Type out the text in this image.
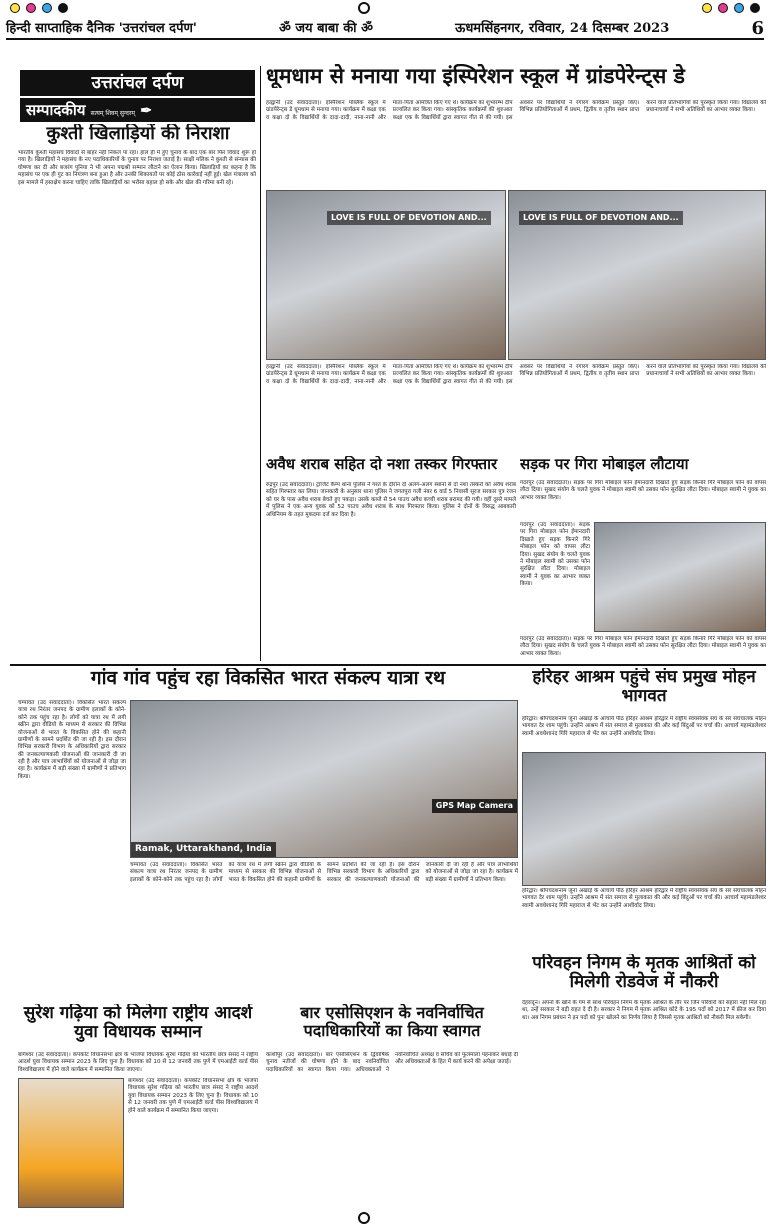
हिन्दी साप्ताहिक दैनिक 'उत्तरांचल दर्पण'	ॐ जय बाबा की ॐ	ऊधमसिंहनगर, रविवार, 24 दिसम्बर 2023	6
उत्तरांचल दर्पण
सम्पादकीय सत्यम् शिवम् सुन्दरम् ✒
कुश्ती खिलाड़ियों की निराशा
भारतीय कुश्ती महासंघ विवादों से बाहर नहीं निकल पा रहा। हाल ही में हुए चुनाव के बाद एक बार फिर विवाद शुरू हो गया है। खिलाड़ियों ने महासंघ के नए पदाधिकारियों के चुनाव पर निराशा जताई है। साक्षी मलिक ने कुश्ती से संन्यास की घोषणा कर दी और बजरंग पुनिया ने भी अपना पद्मश्री सम्मान लौटाने का ऐलान किया। खिलाड़ियों का कहना है कि महासंघ पर एक ही गुट का नियंत्रण बना हुआ है और उनकी शिकायतों पर कोई ठोस कार्रवाई नहीं हुई। खेल मंत्रालय को इस मामले में हस्तक्षेप करना चाहिए ताकि खिलाड़ियों का भरोसा बहाल हो सके और खेल की गरिमा बनी रहे।
धूमधाम से मनाया गया इंस्पिरेशन स्कूल में ग्रांडपेरेन्ट्स डे
हल्द्वानी (उद संवाददाता)। इंस्पिरेशन पब्लिक स्कूल में ग्रांडपेरेन्ट्स डे धूमधाम से मनाया गया। कार्यक्रम में कक्षा एक व कक्षा दो के विद्यार्थियों के दादा-दादी, नाना-नानी और माता-पिता आमंत्रित किए गए थे। कार्यक्रम का शुभारम्भ दीप प्रज्वलित कर किया गया। सांस्कृतिक कार्यक्रमों की शुरुआत कक्षा एक के विद्यार्थियों द्वारा स्वागत गीत से की गयी। इस अवसर पर विद्यार्थियों ने रंगारंग कार्यक्रम प्रस्तुत किए। विभिन्न प्रतियोगिताओं में प्रथम, द्वितीय व तृतीय स्थान प्राप्त करने वाले प्रतिभागियों को पुरस्कृत किया गया। विद्यालय की प्रधानाचार्या ने सभी अतिथियों का आभार व्यक्त किया।
LOVE IS FULL OF DEVOTION AND...	LOVE IS FULL OF DEVOTION AND...
हल्द्वानी (उद संवाददाता)। इंस्पिरेशन पब्लिक स्कूल में ग्रांडपेरेन्ट्स डे धूमधाम से मनाया गया। कार्यक्रम में कक्षा एक व कक्षा दो के विद्यार्थियों के दादा-दादी, नाना-नानी और माता-पिता आमंत्रित किए गए थे। कार्यक्रम का शुभारम्भ दीप प्रज्वलित कर किया गया। सांस्कृतिक कार्यक्रमों की शुरुआत कक्षा एक के विद्यार्थियों द्वारा स्वागत गीत से की गयी। इस अवसर पर विद्यार्थियों ने रंगारंग कार्यक्रम प्रस्तुत किए। विभिन्न प्रतियोगिताओं में प्रथम, द्वितीय व तृतीय स्थान प्राप्त करने वाले प्रतिभागियों को पुरस्कृत किया गया। विद्यालय की प्रधानाचार्या ने सभी अतिथियों का आभार व्यक्त किया।
अवैध शराब सहित दो नशा तस्कर गिरफ्तार
रुद्रपुर (उद संवाददाता)। ट्रांजिट कैम्प थाना पुलिस ने गश्त के दौरान दो अलग-अलग स्थानों से दो नशा तस्करों को अवैध शराब सहित गिरफ्तार कर लिया। जानकारी के अनुसार थाना पुलिस ने जगतपुरा गली नंबर 6 वार्ड 5 निवासी सूरज सरकार पुत्र रंजन को घर के पास अवैध शराब बेचते हुए पकड़ा। उसके कब्जे से 54 पाउच अवैध कच्ची शराब बरामद की गयी। वहीं दूसरे मामले में पुलिस ने एक अन्य युवक को 52 पाउच अवैध शराब के साथ गिरफ्तार किया। पुलिस ने दोनों के विरुद्ध आबकारी अधिनियम के तहत मुकदमा दर्ज कर दिया है।
सड़क पर गिरा मोबाइल लौटाया
गदरपुर (उद संवाददाता)। सड़क पर गिरा मोबाइल फोन ईमानदारी दिखाते हुए सड़क किनारे गिरे मोबाइल फोन को वापस लौटा दिया। सुखद संयोग के चलते युवक ने मोबाइल स्वामी को उसका फोन सुरक्षित लौटा दिया। मोबाइल स्वामी ने युवक का आभार व्यक्त किया।
गदरपुर (उद संवाददाता)। सड़क पर गिरा मोबाइल फोन ईमानदारी दिखाते हुए सड़क किनारे गिरे मोबाइल फोन को वापस लौटा दिया। सुखद संयोग के चलते युवक ने मोबाइल स्वामी को उसका फोन सुरक्षित लौटा दिया। मोबाइल स्वामी ने युवक का आभार व्यक्त किया।
गदरपुर (उद संवाददाता)। सड़क पर गिरा मोबाइल फोन ईमानदारी दिखाते हुए सड़क किनारे गिरे मोबाइल फोन को वापस लौटा दिया। सुखद संयोग के चलते युवक ने मोबाइल स्वामी को उसका फोन सुरक्षित लौटा दिया। मोबाइल स्वामी ने युवक का आभार व्यक्त किया।
गांव गांव पहुंच रहा विकसित भारत संकल्प यात्रा रथ
चम्पावत (उद संवाददाता)। विकसित भारत संकल्प यात्रा रथ निरंतर जनपद के ग्रामीण इलाकों के कोने-कोने तक पहुंच रहा है। लोगों को यात्रा रथ में लगी स्क्रीन द्वारा वीडियो के माध्यम से सरकार की विभिन्न योजनाओं से भारत के विकसित होने की कहानी ग्रामीणों के सामने प्रदर्शित की जा रही है। इस दौरान विभिन्न सरकारी विभाग के अधिकारियों द्वारा सरकार की जनकल्याणकारी योजनाओं की जानकारी दी जा रही है और पात्र लाभार्थियों को योजनाओं से जोड़ा जा रहा है। कार्यक्रम में बड़ी संख्या में ग्रामीणों ने प्रतिभाग किया।
GPS Map Camera
Ramak, Uttarakhand, India
चम्पावत (उद संवाददाता)। विकसित भारत संकल्प यात्रा रथ निरंतर जनपद के ग्रामीण इलाकों के कोने-कोने तक पहुंच रहा है। लोगों को यात्रा रथ में लगी स्क्रीन द्वारा वीडियो के माध्यम से सरकार की विभिन्न योजनाओं से भारत के विकसित होने की कहानी ग्रामीणों के सामने प्रदर्शित की जा रही है। इस दौरान विभिन्न सरकारी विभाग के अधिकारियों द्वारा सरकार की जनकल्याणकारी योजनाओं की जानकारी दी जा रही है और पात्र लाभार्थियों को योजनाओं से जोड़ा जा रहा है। कार्यक्रम में बड़ी संख्या में ग्रामीणों ने प्रतिभाग किया।
हरिहर आश्रम पहुंचे संघ प्रमुख मोहन भागवत
हरिद्वार। श्रीपंचदशनाम जूना अखाड़े के आचार्य पीठ हरिहर आश्रम हरिद्वार में राष्ट्रीय स्वयंसेवक संघ के सर संघचालक मोहन भागवत देर शाम पहुंचे। उन्होंने आश्रम में संत समाज से मुलाकात की और कई बिंदुओं पर चर्चा की। आचार्य महामंडलेश्वर स्वामी अवधेशानंद गिरि महाराज से भेंट कर उन्होंने आशीर्वाद लिया।
हरिद्वार। श्रीपंचदशनाम जूना अखाड़े के आचार्य पीठ हरिहर आश्रम हरिद्वार में राष्ट्रीय स्वयंसेवक संघ के सर संघचालक मोहन भागवत देर शाम पहुंचे। उन्होंने आश्रम में संत समाज से मुलाकात की और कई बिंदुओं पर चर्चा की। आचार्य महामंडलेश्वर स्वामी अवधेशानंद गिरि महाराज से भेंट कर उन्होंने आशीर्वाद लिया।
परिवहन निगम के मृतक आश्रितों को मिलेगी रोडवेज में नौकरी
देहरादून। अपनों के खोने के गम से साथ परिवहन निगम के मृतक आश्रित के तौर पर जिन परिवारों को सहारा नहीं मिल रहा था, उन्हें सरकार ने बड़ी राहत दे दी है। सरकार ने निगम में मृतक आश्रित कोटे के 195 पदों को 2017 में फ्रीज कर दिया था। अब निगम प्रबंधन ने इन पदों को पुनः खोलने का निर्णय लिया है जिससे मृतक आश्रितों को नौकरी मिल सकेगी।
सुरेश गढ़िया को मिलेगा राष्ट्रीय आदर्श युवा विधायक सम्मान
बागेश्वर (उद संवाददाता)। कपकोट विधानसभा क्षेत्र के भाजपा विधायक सुरेश गढ़िया को भारतीय छात्र संसद ने राष्ट्रीय आदर्श युवा विधायक सम्मान 2023 के लिए चुना है। विधायक को 10 से 12 जनवरी तक पुणे में एमआईटी वर्ल्ड पीस विश्वविद्यालय में होने वाले कार्यक्रम में सम्मानित किया जाएगा।
बागेश्वर (उद संवाददाता)। कपकोट विधानसभा क्षेत्र के भाजपा विधायक सुरेश गढ़िया को भारतीय छात्र संसद ने राष्ट्रीय आदर्श युवा विधायक सम्मान 2023 के लिए चुना है। विधायक को 10 से 12 जनवरी तक पुणे में एमआईटी वर्ल्ड पीस विश्वविद्यालय में होने वाले कार्यक्रम में सम्मानित किया जाएगा।
बार एसोसिएशन के नवनिर्वाचित पदाधिकारियों का किया स्वागत
काशीपुर (उद संवाददाता)। बार एसोसिएशन के द्विवार्षिक चुनाव नतीजों की घोषणा होने के बाद नवनिर्वाचित पदाधिकारियों का स्वागत किया गया। अधिवक्ताओं ने नवनिर्वाचित अध्यक्ष व सचिव को फूलमाला पहनाकर बधाई दी और अधिवक्ताओं के हित में कार्य करने की अपेक्षा जताई।
